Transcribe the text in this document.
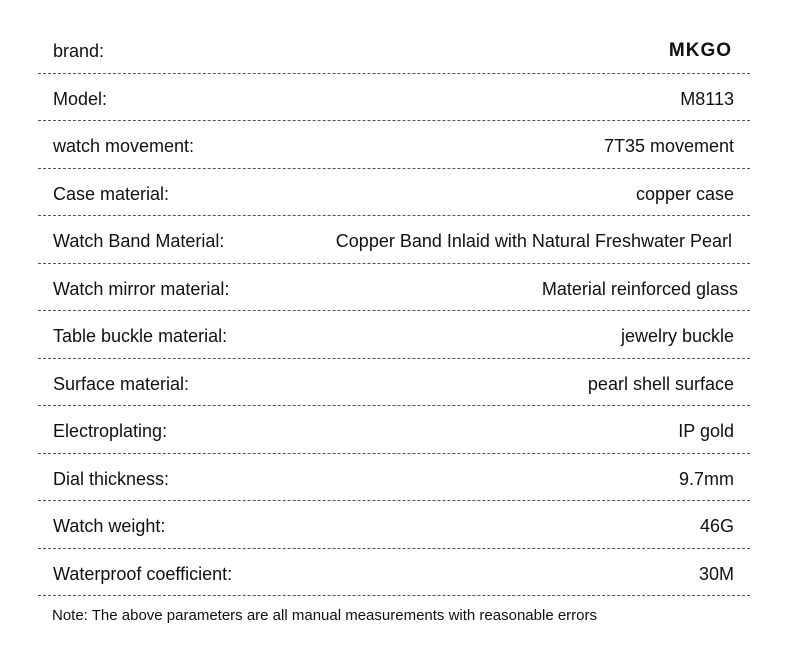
brand:	MKGO
Model:	M8113
watch movement:	7T35 movement
Case material:	copper case
Watch Band Material:	Copper Band Inlaid with Natural Freshwater Pearl
Watch mirror material:	Material reinforced glass
Table buckle material:	jewelry buckle
Surface material:	pearl shell surface
Electroplating:	IP gold
Dial thickness:	9.7mm
Watch weight:	46G
Waterproof coefficient:	30M
Note: The above parameters are all manual measurements with reasonable errors
